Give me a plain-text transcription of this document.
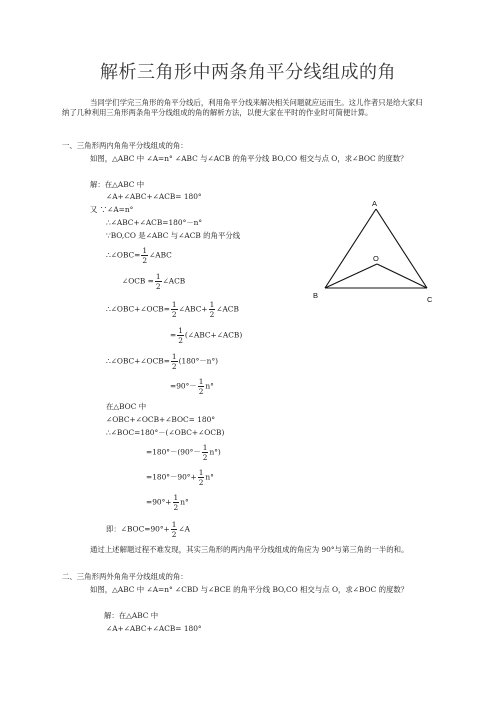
解析三角形中两条角平分线组成的角
当同学们学完三角形的角平分线后，利用角平分线来解决相关问题就应运而生。这儿作者只是给大家归纳了几种利用三角形两条角平分线组成的角的解析方法，以便大家在平时的作业时可简便计算。
一、三角形两内角角平分线组成的角：
如图，△ABC 中 ∠A=n° ∠ABC 与∠ACB 的角平分线 BO,CO 相交与点 O，求∠BOC 的度数？
解：在△ABC 中
∠A+∠ABC+∠ACB= 180°
又 ∵∠A=n°
∴∠ABC+∠ACB=180°－n°
∵BO,CO 是∠ABC 与∠ACB 的角平分线
∴∠OBC= $\frac{1}{2}$ ∠ABC
∠OCB = $\frac{1}{2}$ ∠ACB
∴∠OBC+∠OCB= $\frac{1}{2}$ ∠ABC+ $\frac{1}{2}$ ∠ACB
= $\frac{1}{2}$ (∠ABC+∠ACB)
∴∠OBC+∠OCB= $\frac{1}{2} (180^\circ-n^\circ)$
$=90^\circ- \frac{1}{2} n^\circ$
在△BOC 中
∠OBC+∠OCB+∠BOC= 180°
∴∠BOC=180°－(∠OBC+∠OCB)
$=180^\circ-(90^\circ- \frac{1}{2} n^\circ)$
$=180^\circ-90^\circ+ \frac{1}{2} n^\circ$
$=90^\circ+ \frac{1}{2} n^\circ$
即：∠BOC=90°+ $\frac{1}{2}$ ∠A
通过上述解题过程不难发现，其实三角形的两内角平分线组成的角应为 90°与第三角的一半的和。
二、三角形两外角角平分线组成的角：
如图，△ABC 中 ∠A=n° ∠CBD 与∠BCE 的角平分线 BO,CO 相交与点 O，求∠BOC 的度数？
解：在△ABC 中
∠A+∠ABC+∠ACB= 180°
A
O
B	C
